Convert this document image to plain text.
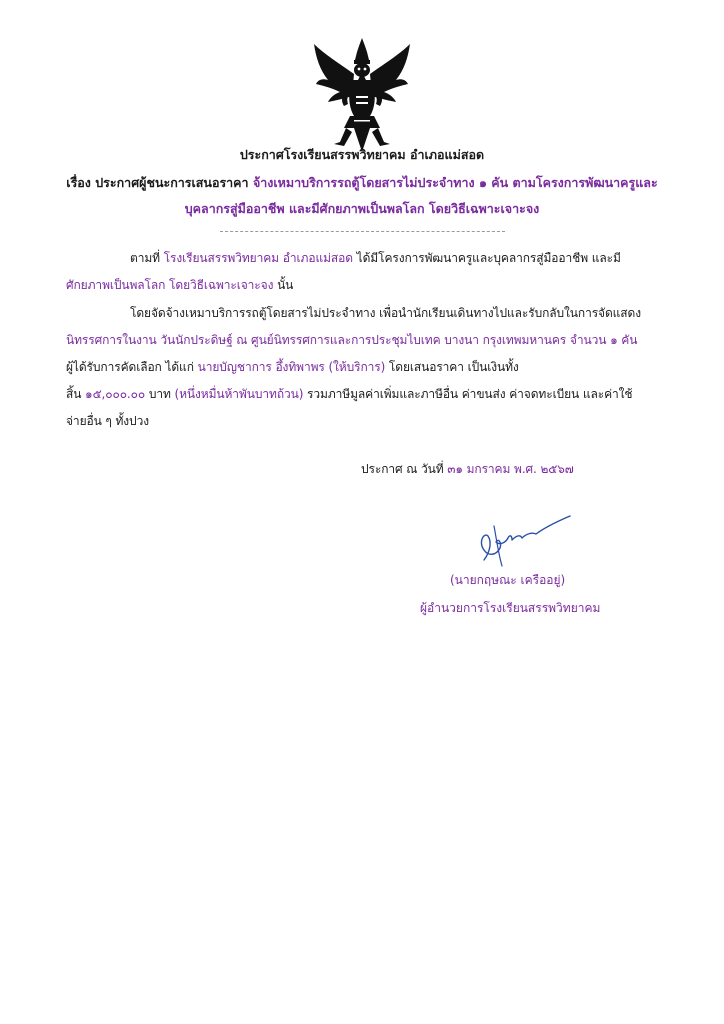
ประกาศโรงเรียนสรรพวิทยาคม อำเภอแม่สอด
เรื่อง ประกาศผู้ชนะการเสนอราคา จ้างเหมาบริการรถตู้โดยสารไม่ประจำทาง ๑ คัน ตามโครงการพัฒนาครูและ
บุคลากรสู่มืออาชีพ และมีศักยภาพเป็นพลโลก โดยวิธีเฉพาะเจาะจง
ตามที่ โรงเรียนสรรพวิทยาคม อำเภอแม่สอด ได้มีโครงการพัฒนาครูและบุคลากรสู่มืออาชีพ และมี
ศักยภาพเป็นพลโลก โดยวิธีเฉพาะเจาะจง นั้น
โดยจัดจ้างเหมาบริการรถตู้โดยสารไม่ประจำทาง เพื่อนำนักเรียนเดินทางไปและรับกลับในการจัดแสดง
นิทรรศการในงาน วันนักประดิษฐ์ ณ ศูนย์นิทรรศการและการประชุมไบเทค บางนา กรุงเทพมหานคร จำนวน ๑ คัน
ผู้ได้รับการคัดเลือก ได้แก่ นายบัญชาการ อึ้งทิพาพร (ให้บริการ) โดยเสนอราคา เป็นเงินทั้ง
สิ้น ๑๕,๐๐๐.๐๐ บาท (หนึ่งหมื่นห้าพันบาทถ้วน) รวมภาษีมูลค่าเพิ่มและภาษีอื่น ค่าขนส่ง ค่าจดทะเบียน และค่าใช้
จ่ายอื่น ๆ ทั้งปวง
ประกาศ ณ วันที่ ๓๑ มกราคม พ.ศ. ๒๕๖๗
(นายกฤษณะ เครืออยู่)
ผู้อำนวยการโรงเรียนสรรพวิทยาคม
